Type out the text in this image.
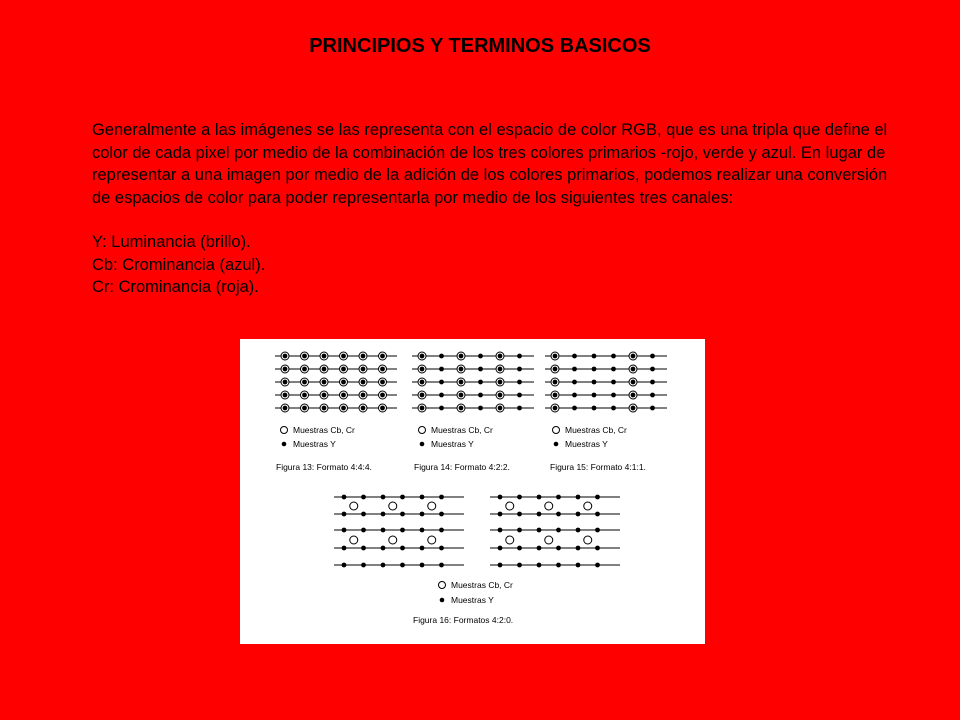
PRINCIPIOS Y TERMINOS BASICOS

Generalmente a las imágenes se las representa con el espacio de color RGB, que es una tripla que define el color de cada pixel por medio de la combinación de los tres colores primarios -rojo, verde y azul. En lugar de representar a una imagen por medio de la adición de los colores primarios, podemos realizar una conversión de espacios de color para poder representarla por medio de los siguientes tres canales:

Y: Luminancia (brillo).
Cb: Crominancia (azul).
Cr: Crominancia (roja).
Muestras Cb, Cr
Muestras Y
Figura 13: Formato 4:4:4.
Muestras Cb, Cr
Muestras Y
Figura 14: Formato 4:2:2.
Muestras Cb, Cr
Muestras Y
Figura 15: Formato 4:1:1.
Muestras Cb, Cr
Muestras Y
Figura 16: Formatos 4:2:0.
